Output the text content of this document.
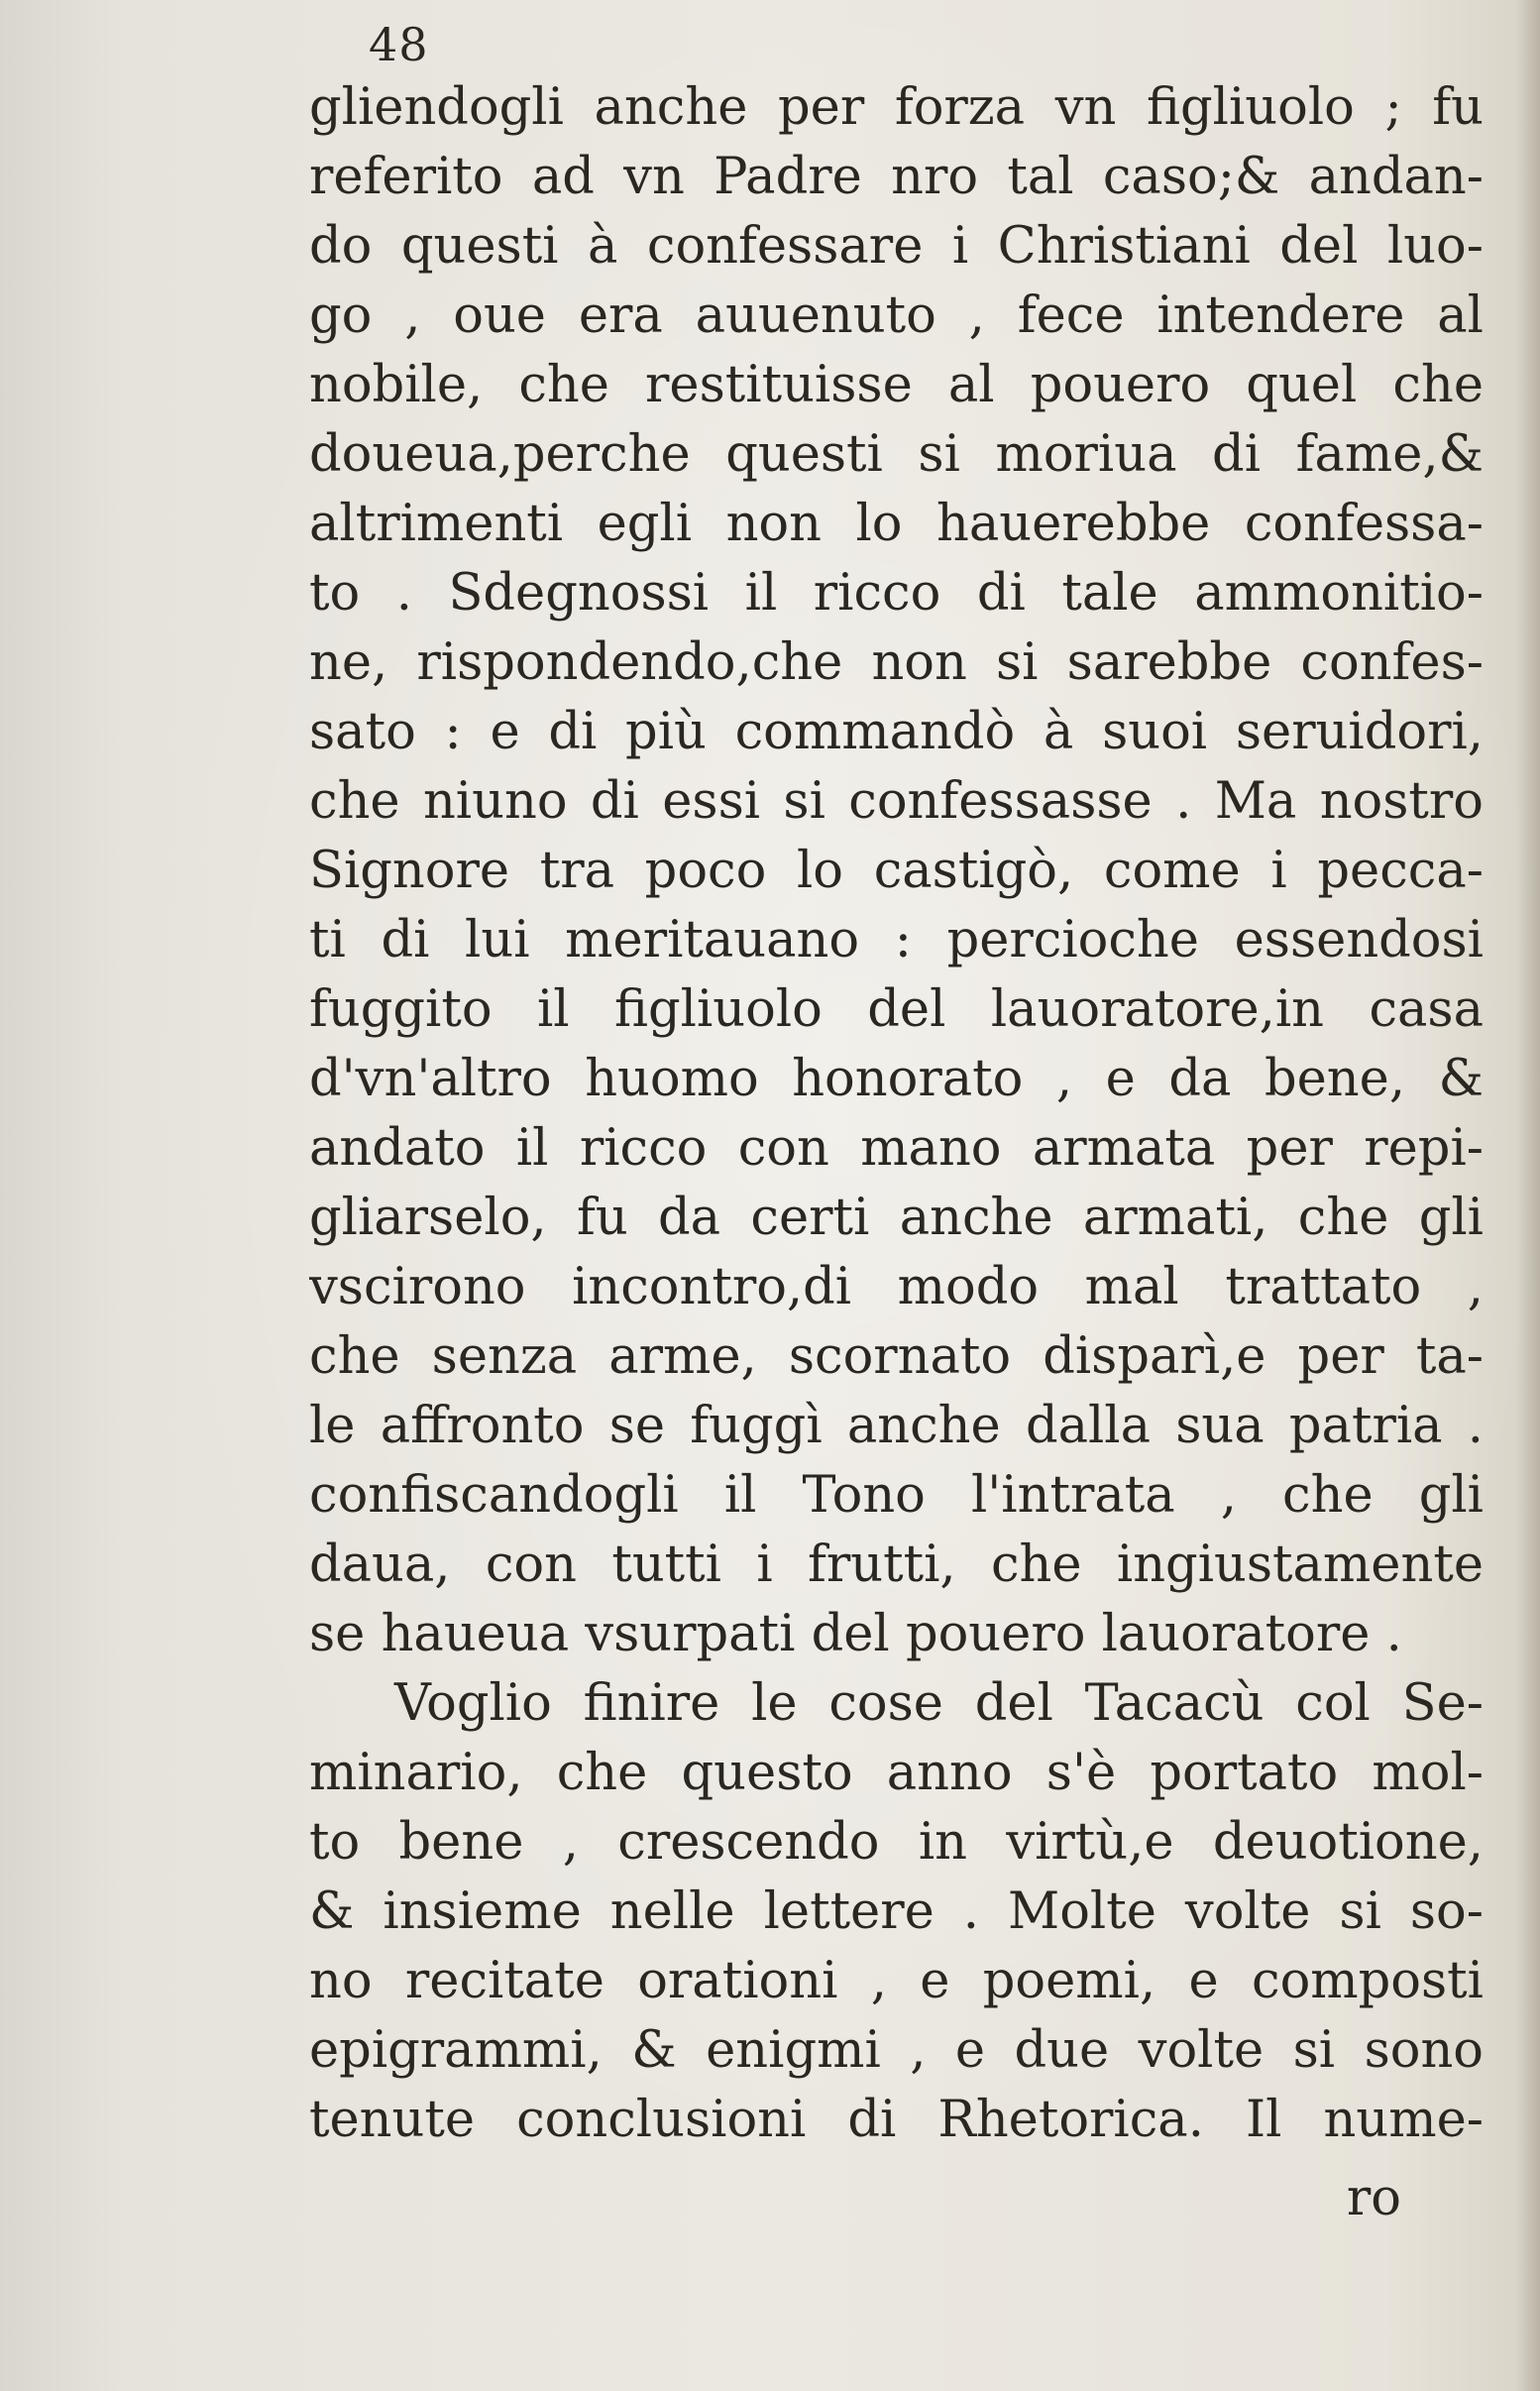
48
gliendogli anche per forza vn figliuolo ; fu
referito ad vn Padre nro tal caso;& andan-
do questi à confessare i Christiani del luo-
go , oue era auuenuto , fece intendere al
nobile, che restituisse al pouero quel che
doueua,perche questi si moriua di fame,&
altrimenti egli non lo hauerebbe confessa-
to . Sdegnossi il ricco di tale ammonitio-
ne, rispondendo,che non si sarebbe confes-
sato : e di più commandò à suoi seruidori,
che niuno di essi si confessasse . Ma nostro
Signore tra poco lo castigò, come i pecca-
ti di lui meritauano : percioche essendosi
fuggito il figliuolo del lauoratore,in casa
d'vn'altro huomo honorato , e da bene, &
andato il ricco con mano armata per repi-
gliarselo, fu da certi anche armati, che gli
vscirono incontro,di modo mal trattato ,
che senza arme, scornato disparì,e per ta-
le affronto se fuggì anche dalla sua patria .
confiscandogli il Tono l'intrata , che gli
daua, con tutti i frutti, che ingiustamente
se haueua vsurpati del pouero lauoratore .
Voglio finire le cose del Tacacù col Se-
minario, che questo anno s'è portato mol-
to bene , crescendo in virtù,e deuotione,
& insieme nelle lettere . Molte volte si so-
no recitate orationi , e poemi, e composti
epigrammi, & enigmi , e due volte si sono
tenute conclusioni di Rhetorica. Il nume-
ro
